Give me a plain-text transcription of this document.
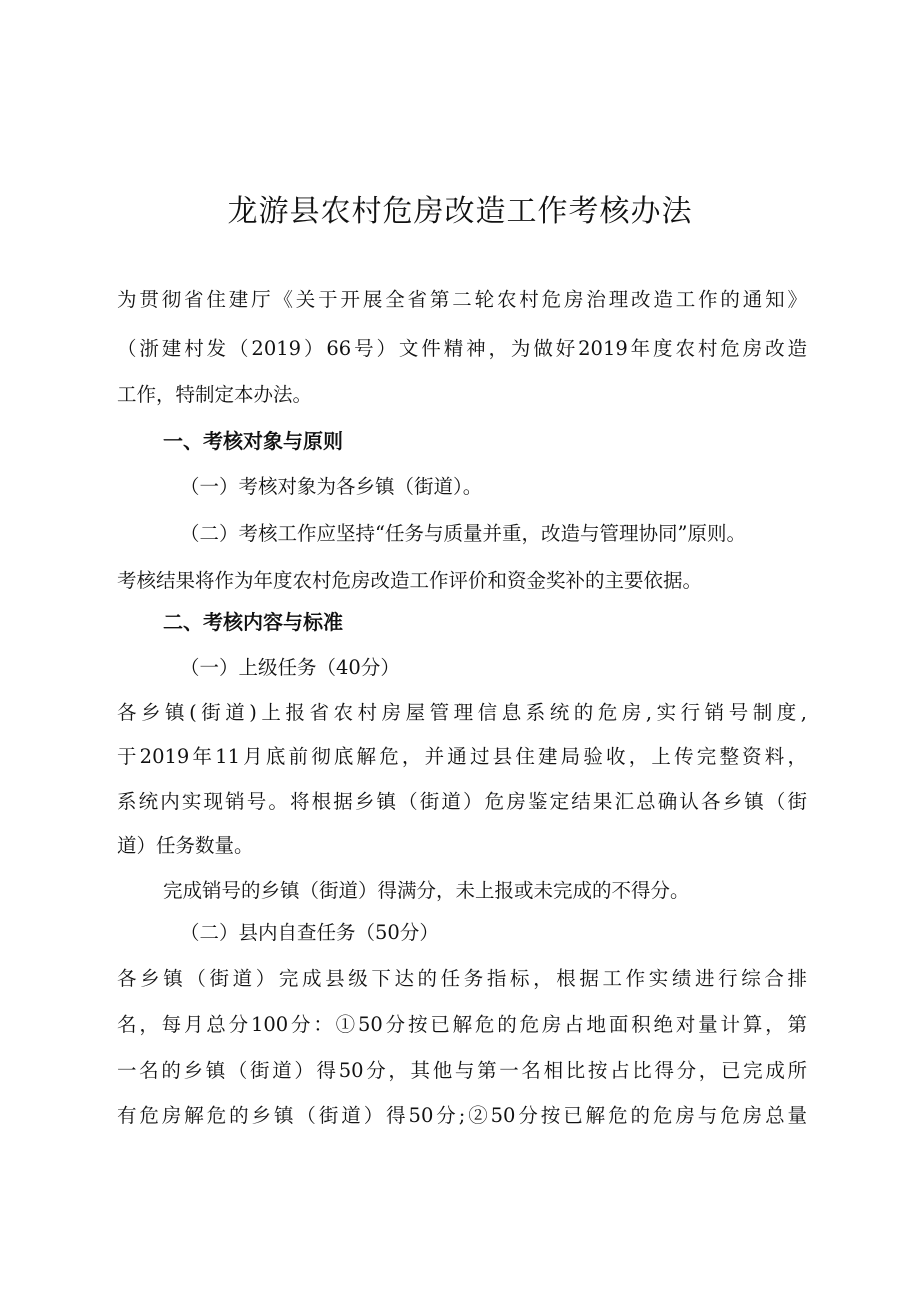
龙游县农村危房改造工作考核办法
为贯彻省住建厅《关于开展全省第二轮农村危房治理改造工作的通知》
（浙建村发（2019）66号）文件精神，为做好2019年度农村危房改造
工作，特制定本办法。
一、考核对象与原则
（一）考核对象为各乡镇（街道）。
（二）考核工作应坚持“任务与质量并重，改造与管理协同”原则。
考核结果将作为年度农村危房改造工作评价和资金奖补的主要依据。
二、考核内容与标准
（一）上级任务（40分）
各乡镇(街道)上报省农村房屋管理信息系统的危房,实行销号制度,
于2019年11月底前彻底解危，并通过县住建局验收，上传完整资料，
系统内实现销号。将根据乡镇（街道）危房鉴定结果汇总确认各乡镇（街
道）任务数量。
完成销号的乡镇（街道）得满分，未上报或未完成的不得分。
（二）县内自查任务（50分）
各乡镇（街道）完成县级下达的任务指标，根据工作实绩进行综合排
名，每月总分100分：①50分按已解危的危房占地面积绝对量计算，第
一名的乡镇（街道）得50分，其他与第一名相比按占比得分，已完成所
有危房解危的乡镇（街道）得50分;②50分按已解危的危房与危房总量
